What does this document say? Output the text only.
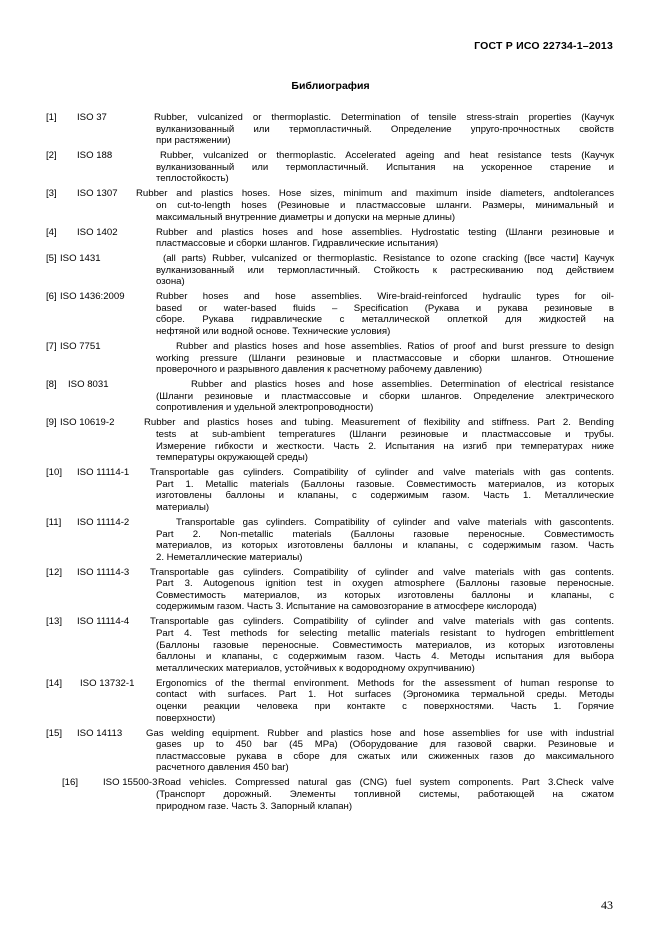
ГОСТ Р ИСО 22734-1–2013
Библиография
[1] ISO 37	Rubber, vulcanized or thermoplastic. Determination of tensile stress-strain properties (Каучук
вулканизованный или термопластичный. Определение упруго-прочностных свойств
при растяжении)
[2] ISO 188	Rubber, vulcanized or thermoplastic. Accelerated ageing and heat resistance tests (Каучук
вулканизованный или термопластичный. Испытания на ускоренное старение и
теплостойкость)
[3] ISO 1307 Rubber and plastics hoses. Hose sizes, minimum and maximum inside diameters, andtolerances
on cut-to-length hoses (Резиновые и пластмассовые шланги. Размеры, минимальный и
максимальный внутренние диаметры и допуски на мерные длины)
[4] ISO 1402	Rubber and plastics hoses and hose assemblies. Hydrostatic testing (Шланги резиновые и
пластмассовые и сборки шлангов. Гидравлические испытания)
[5] ISO 1431	(all parts) Rubber, vulcanized or thermoplastic. Resistance to ozone cracking ([все части] Каучук
вулканизованный или термопластичный. Стойкость к растрескиванию под действием
озона)
[6] ISO 1436:2009	Rubber hoses and hose assemblies. Wire-braid-reinforced hydraulic types for oil-
based or water-based fluids – Specification (Рукава и рукава резиновые в
сборе. Рукава гидравлические с металлической оплеткой для жидкостей на
нефтяной или водной основе. Технические условия)
[7] ISO 7751	Rubber and plastics hoses and hose assemblies. Ratios of proof and burst pressure to design
working pressure (Шланги резиновые и пластмассовые и сборки шлангов. Отношение
проверочного и разрывного давления к расчетному рабочему давлению)
[8] ISO 8031	Rubber and plastics hoses and hose assemblies. Determination of electrical resistance
(Шланги резиновые и пластмассовые и сборки шлангов. Определение электрического
сопротивления и удельной электропроводности)
[9] ISO 10619-2	Rubber and plastics hoses and tubing. Measurement of flexibility and stiffness. Part 2. Bending
tests at sub-ambient temperatures (Шланги резиновые и пластмассовые и трубы.
Измерение гибкости и жесткости. Часть 2. Испытания на изгиб при температурах ниже
температуры окружающей среды)
[10] ISO 11114-1 Transportable gas cylinders. Compatibility of cylinder and valve materials with gas contents.
Part 1. Metallic materials (Баллоны газовые. Совместимость материалов, из которых
изготовлены баллоны и клапаны, с содержимым газом. Часть 1. Металлические
материалы)
[11] ISO 11114-2	Transportable gas cylinders. Compatibility of cylinder and valve materials with gascontents.
Part 2. Non-metallic materials (Баллоны газовые переносные. Совместимость
материалов, из которых изготовлены баллоны и клапаны, с содержимым газом. Часть
2. Неметаллические материалы)
[12] ISO 11114-3 Transportable gas cylinders. Compatibility of cylinder and valve materials with gas contents.
Part 3. Autogenous ignition test in oxygen atmosphere (Баллоны газовые переносные.
Совместимость материалов, из которых изготовлены баллоны и клапаны, с
содержимым газом. Часть 3. Испытание на самовозгорание в атмосфере кислорода)
[13] ISO 11114-4 Transportable gas cylinders. Compatibility of cylinder and valve materials with gas contents.
Part 4. Test methods for selecting metallic materials resistant to hydrogen embrittlement
(Баллоны газовые переносные. Совместимость материалов, из которых изготовлены
баллоны и клапаны, с содержимым газом. Часть 4. Методы испытания для выбора
металлических материалов, устойчивых к водородному охрупчиванию)
[14] ISO 13732-1 Ergonomics of the thermal environment. Methods for the assessment of human response to
contact with surfaces. Part 1. Hot surfaces (Эргономика термальной среды. Методы
оценки реакции человека при контакте с поверхностями. Часть 1. Горячие
поверхности)
[15] ISO 14113 Gas welding equipment. Rubber and plastics hose and hose assemblies for use with industrial
gases up to 450 bar (45 MPa) (Оборудование для газовой сварки. Резиновые и
пластмассовые рукава в сборе для сжатых или сжиженных газов до максимального
расчетного давления 450 bar)
[16]	ISO 15500-3 Road vehicles. Compressed natural gas (CNG) fuel system components. Part 3.Check valve
(Транспорт дорожный. Элементы топливной системы, работающей на сжатом
природном газе. Часть 3. Запорный клапан)
43
